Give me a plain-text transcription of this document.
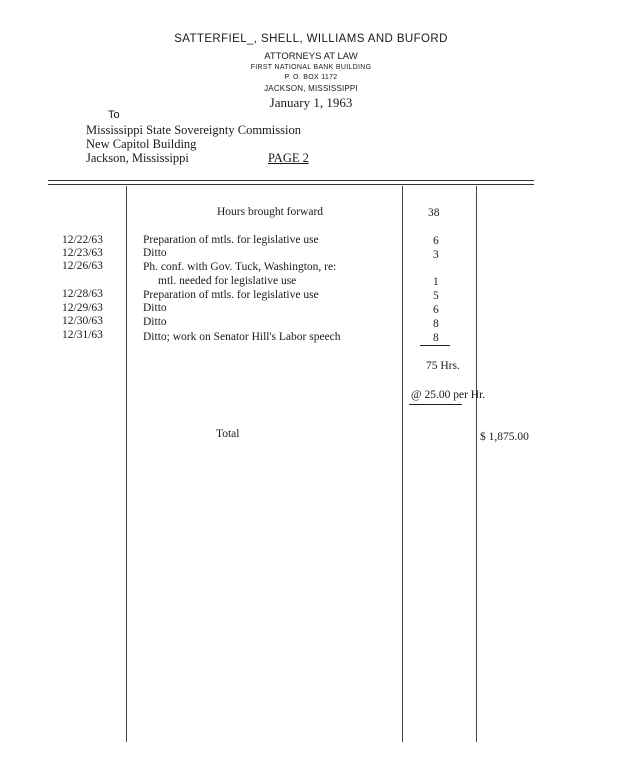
SATTERFIEL_, SHELL, WILLIAMS AND BUFORD
ATTORNEYS AT LAW
FIRST NATIONAL BANK BUILDING
P. O. BOX 1172
JACKSON, MISSISSIPPI
January 1, 1963
To
Mississippi State Sovereignty Commission
New Capitol Building
Jackson, Mississippi	PAGE 2
Hours brought forward	38
12/22/63	Preparation of mtls. for legislative use	6
12/23/63	Ditto	3
12/26/63	Ph. conf. with Gov. Tuck, Washington, re:
mtl. needed for legislative use	1
12/28/63	Preparation of mtls. for legislative use	5
12/29/63	Ditto	6
12/30/63	Ditto	8
12/31/63	Ditto; work on Senator Hill's Labor speech	8
75 Hrs.
@ 25.00 per Hr.
Total	$ 1,875.00
